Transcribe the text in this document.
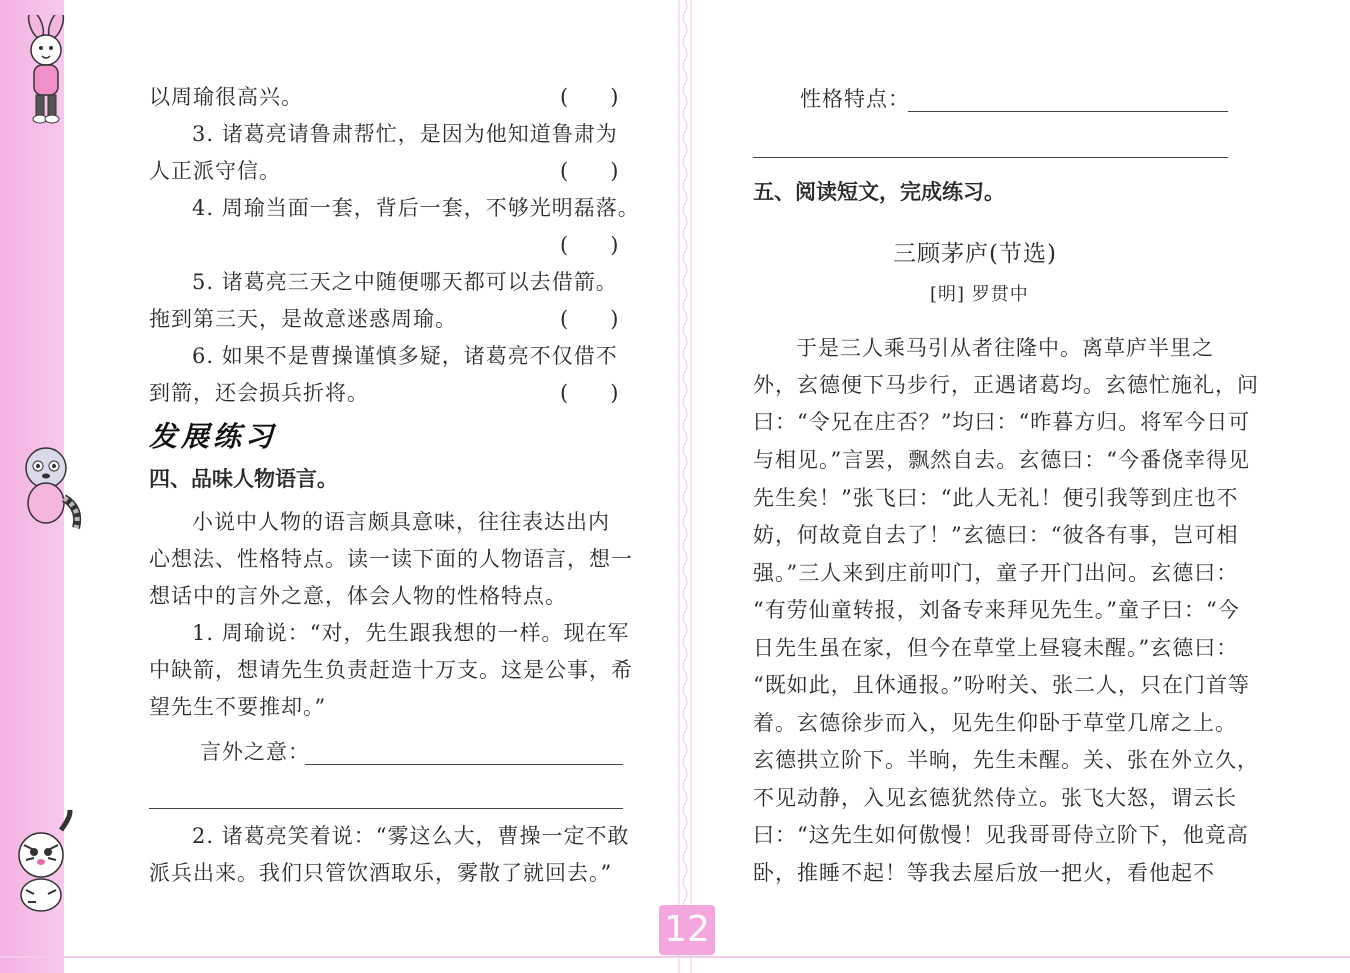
以周瑜很高兴。	(　　)
3. 诸葛亮请鲁肃帮忙，是因为他知道鲁肃为
人正派守信。	(　　)
4. 周瑜当面一套，背后一套，不够光明磊落。
(　　)
5. 诸葛亮三天之中随便哪天都可以去借箭。
拖到第三天，是故意迷惑周瑜。	(　　)
6. 如果不是曹操谨慎多疑，诸葛亮不仅借不
到箭，还会损兵折将。	(　　)
发展练习
四、品味人物语言。
小说中人物的语言颇具意味，往往表达出内
心想法、性格特点。读一读下面的人物语言，想一
想话中的言外之意，体会人物的性格特点。
1. 周瑜说：“对，先生跟我想的一样。现在军
中缺箭，想请先生负责赶造十万支。这是公事，希
望先生不要推却。”
言外之意：
2. 诸葛亮笑着说：“雾这么大，曹操一定不敢
派兵出来。我们只管饮酒取乐，雾散了就回去。”
性格特点：
五、阅读短文，完成练习。
三顾茅庐(节选)
[明] 罗贯中
于是三人乘马引从者往隆中。离草庐半里之
外，玄德便下马步行，正遇诸葛均。玄德忙施礼，问
曰：“令兄在庄否？”均曰：“昨暮方归。将军今日可
与相见。”言罢，飘然自去。玄德曰：“今番侥幸得见
先生矣！”张飞曰：“此人无礼！便引我等到庄也不
妨，何故竟自去了！”玄德曰：“彼各有事，岂可相
强。”三人来到庄前叩门，童子开门出问。玄德曰：
“有劳仙童转报，刘备专来拜见先生。”童子曰：“今
日先生虽在家，但今在草堂上昼寝未醒。”玄德曰：
“既如此，且休通报。”吩咐关、张二人，只在门首等
着。玄德徐步而入，见先生仰卧于草堂几席之上。
玄德拱立阶下。半晌，先生未醒。关、张在外立久，
不见动静，入见玄德犹然侍立。张飞大怒，谓云长
曰：“这先生如何傲慢！见我哥哥侍立阶下，他竟高
卧，推睡不起！等我去屋后放一把火，看他起不
12
